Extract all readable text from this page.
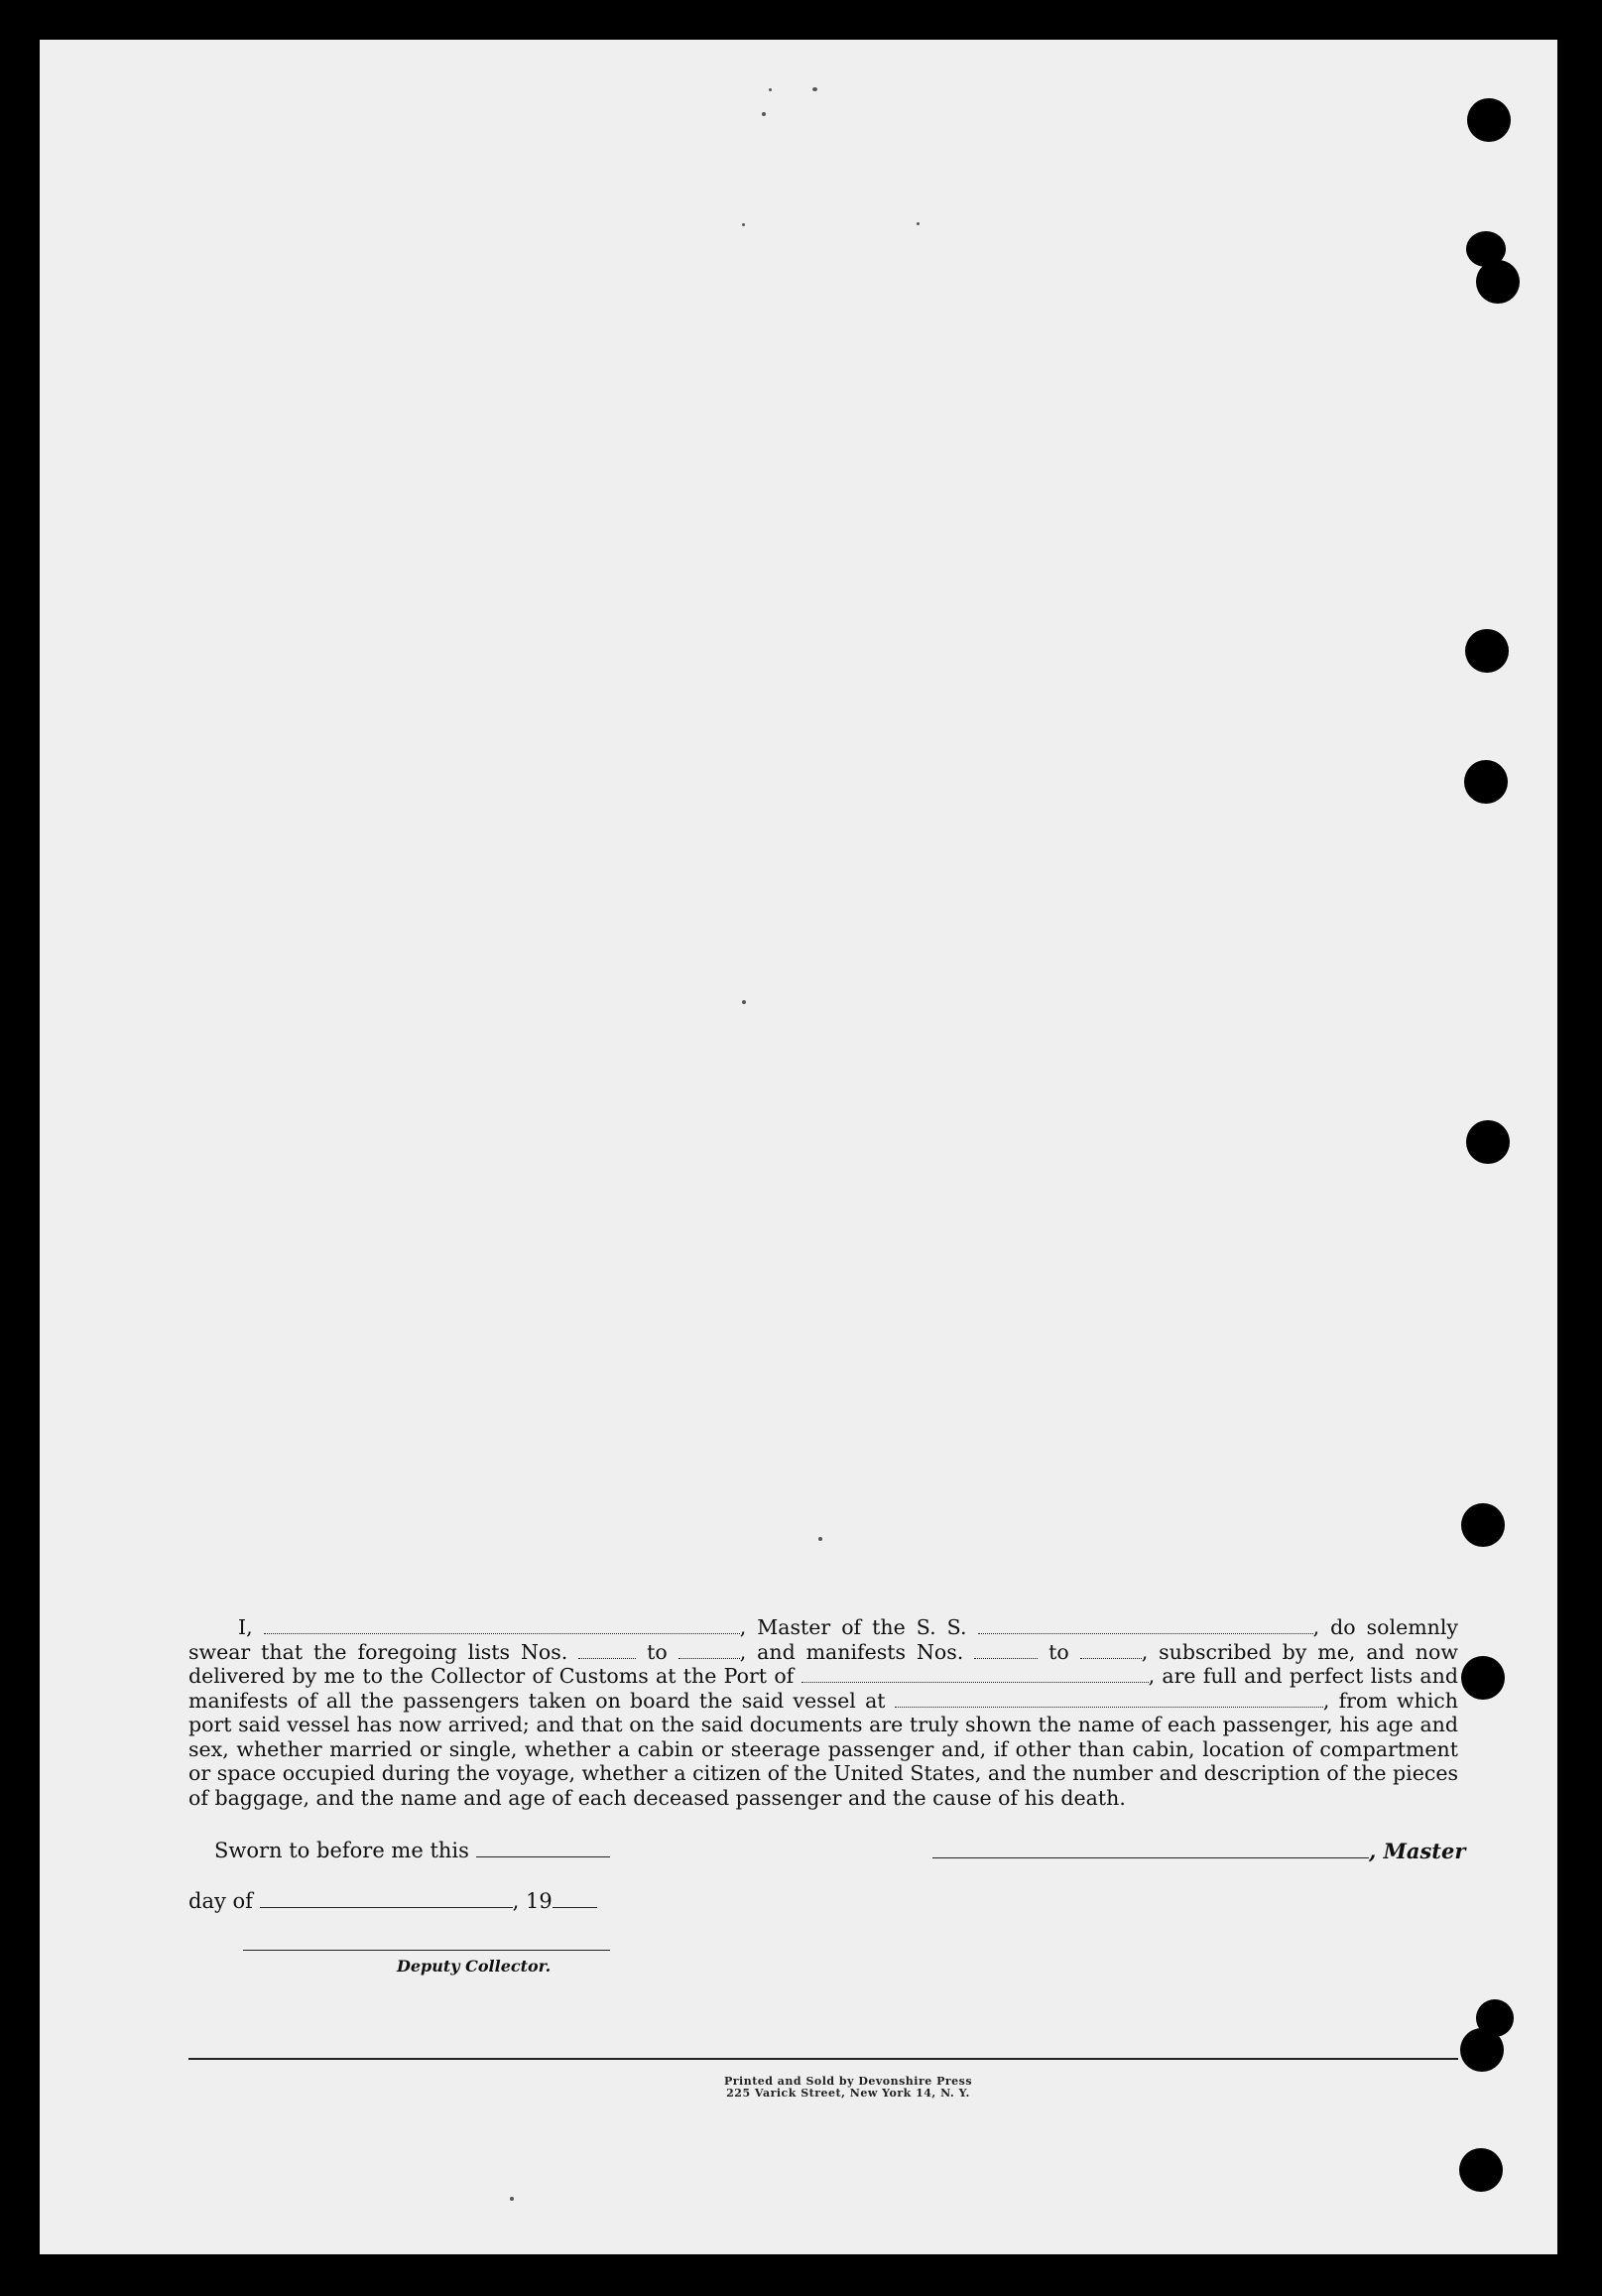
I,	, Master of the S. S.	, do solemnly

swear that the foregoing lists Nos.	to	, and manifests Nos.	to	, subscribed by me, and now

delivered by me to the Collector of Customs at the Port of	, are full and perfect lists and

manifests of all the passengers taken on board the said vessel at	, from which

port said vessel has now arrived; and that on the said documents are truly shown the name of each passenger, his age and

sex, whether married or single, whether a cabin or steerage passenger and, if other than cabin, location of compartment

or space occupied during the voyage, whether a citizen of the United States, and the number and description of the pieces

of baggage, and the name and age of each deceased passenger and the cause of his death.

Sworn to before me this	, Master
day of	, 19
Deputy Collector.
Printed and Sold by Devonshire Press
225 Varick Street, New York 14, N. Y.
